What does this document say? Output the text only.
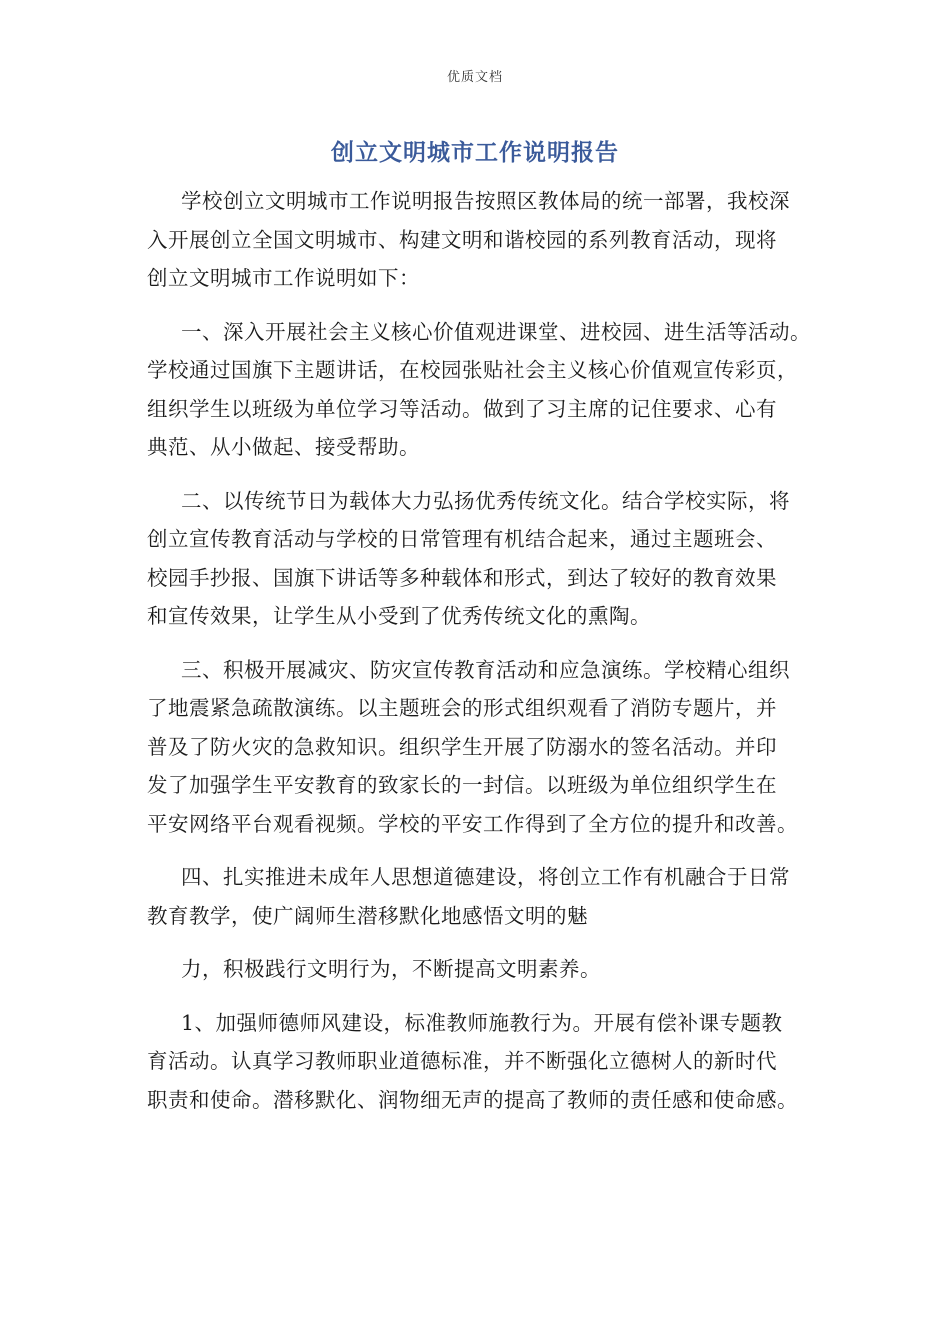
优质文档
创立文明城市工作说明报告
学校创立文明城市工作说明报告按照区教体局的统一部署，我校深
入开展创立全国文明城市、构建文明和谐校园的系列教育活动，现将
创立文明城市工作说明如下：
一、深入开展社会主义核心价值观进课堂、进校园、进生活等活动。
学校通过国旗下主题讲话，在校园张贴社会主义核心价值观宣传彩页，
组织学生以班级为单位学习等活动。做到了习主席的记住要求、心有
典范、从小做起、接受帮助。
二、以传统节日为载体大力弘扬优秀传统文化。结合学校实际，将
创立宣传教育活动与学校的日常管理有机结合起来，通过主题班会、
校园手抄报、国旗下讲话等多种载体和形式，到达了较好的教育效果
和宣传效果，让学生从小受到了优秀传统文化的熏陶。
三、积极开展减灾、防灾宣传教育活动和应急演练。学校精心组织
了地震紧急疏散演练。以主题班会的形式组织观看了消防专题片，并
普及了防火灾的急救知识。组织学生开展了防溺水的签名活动。并印
发了加强学生平安教育的致家长的一封信。以班级为单位组织学生在
平安网络平台观看视频。学校的平安工作得到了全方位的提升和改善。
四、扎实推进未成年人思想道德建设，将创立工作有机融合于日常
教育教学，使广阔师生潜移默化地感悟文明的魅
力，积极践行文明行为，不断提高文明素养。
1、加强师德师风建设，标准教师施教行为。开展有偿补课专题教
育活动。认真学习教师职业道德标准，并不断强化立德树人的新时代
职责和使命。潜移默化、润物细无声的提高了教师的责任感和使命感。
